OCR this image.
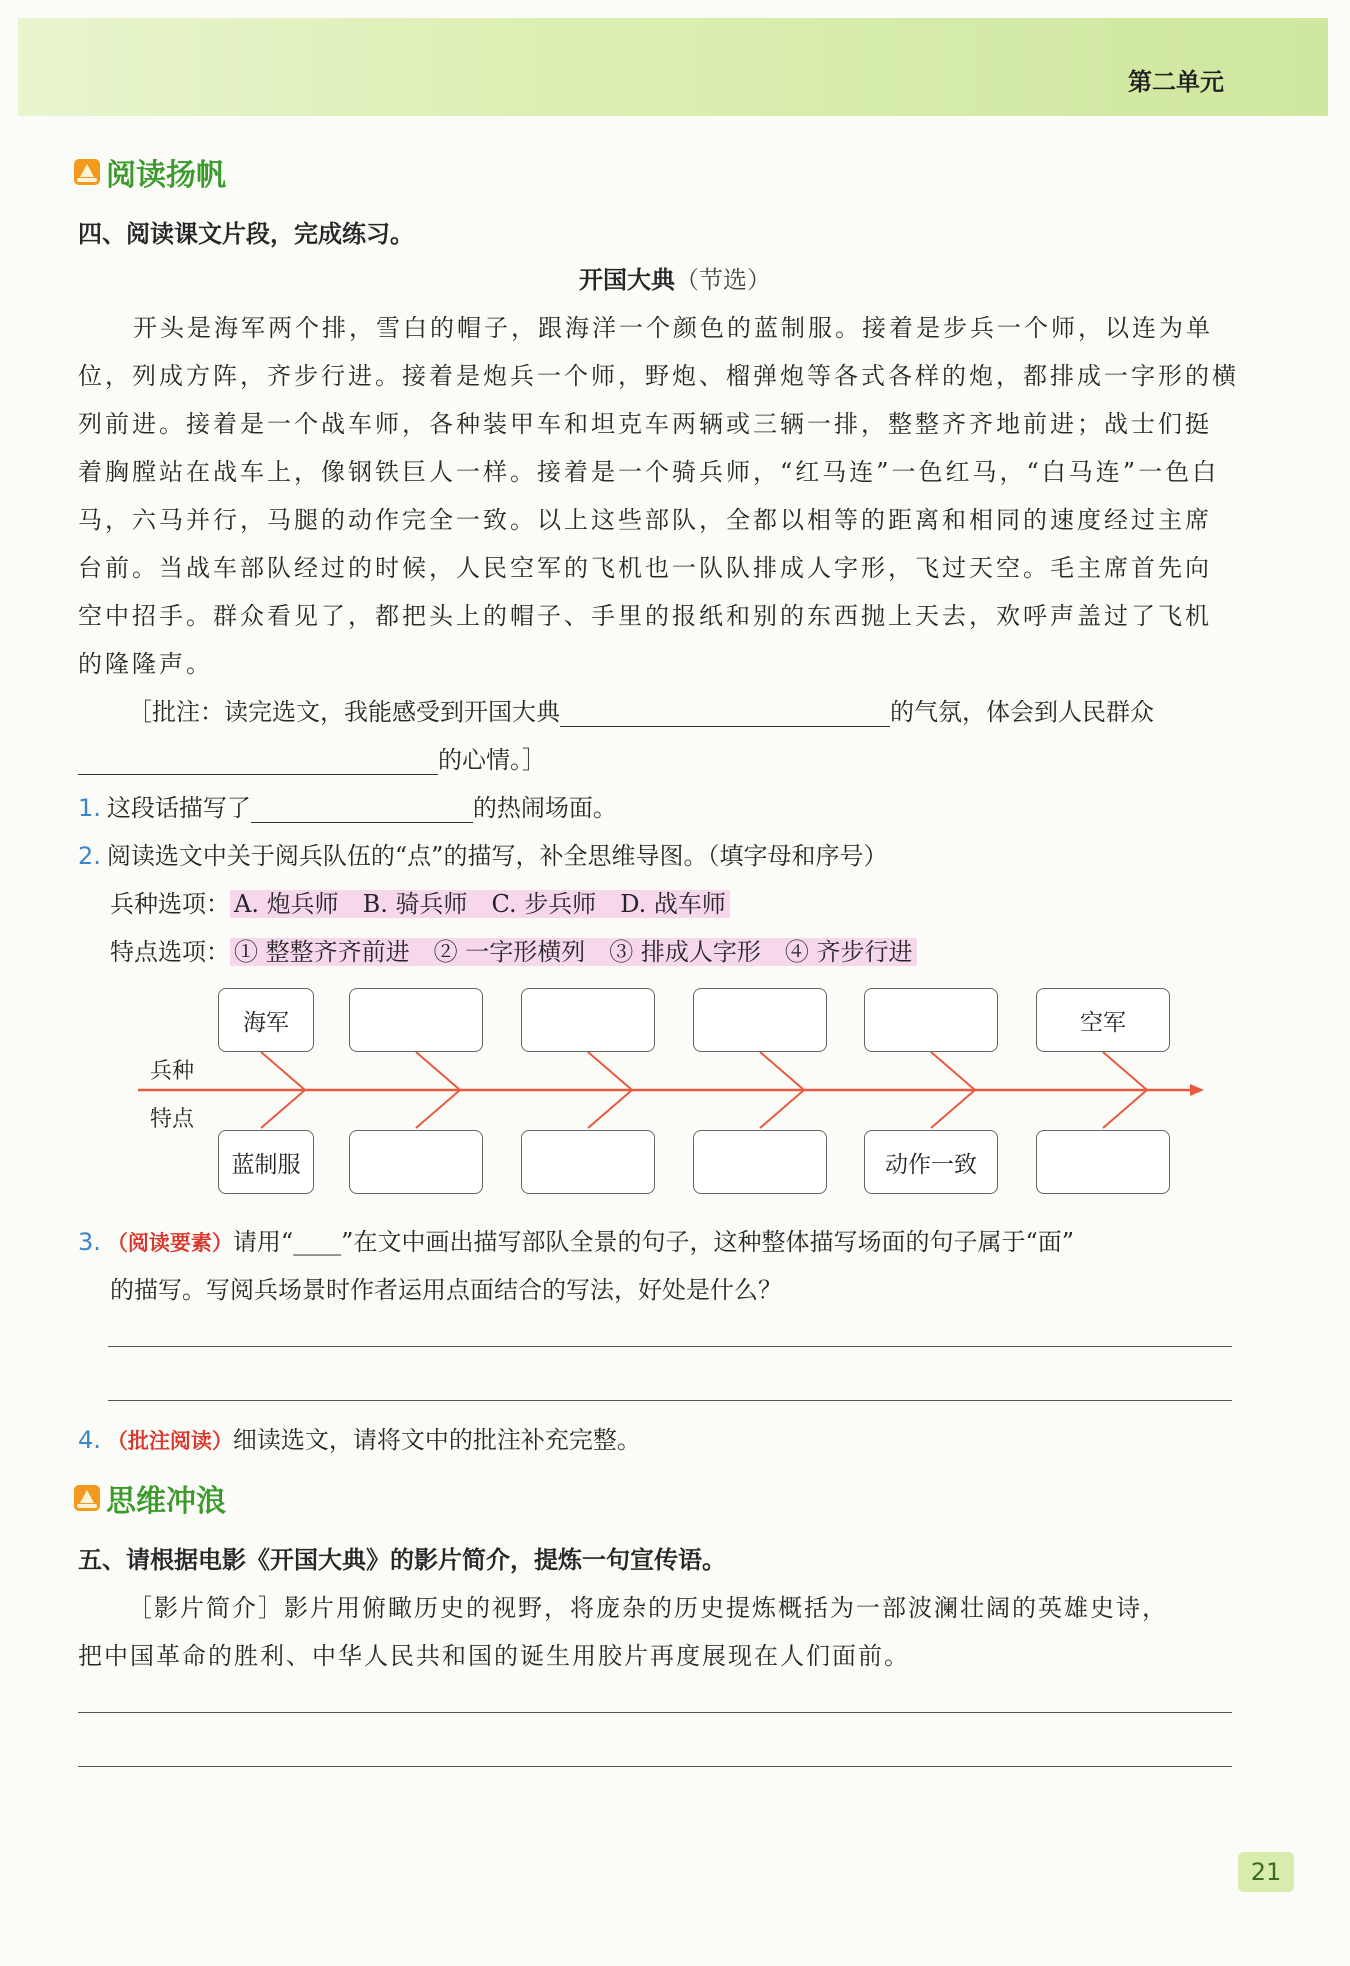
第二单元
阅读扬帆
四、阅读课文片段，完成练习。
开国大典（节选）
开头是海军两个排，雪白的帽子，跟海洋一个颜色的蓝制服。接着是步兵一个师，以连为单
位，列成方阵，齐步行进。接着是炮兵一个师，野炮、榴弹炮等各式各样的炮，都排成一字形的横
列前进。接着是一个战车师，各种装甲车和坦克车两辆或三辆一排，整整齐齐地前进；战士们挺
着胸膛站在战车上，像钢铁巨人一样。接着是一个骑兵师，“红马连”一色红马，“白马连”一色白
马，六马并行，马腿的动作完全一致。以上这些部队，全都以相等的距离和相同的速度经过主席
台前。当战车部队经过的时候，人民空军的飞机也一队队排成人字形，飞过天空。毛主席首先向
空中招手。群众看见了，都把头上的帽子、手里的报纸和别的东西抛上天去，欢呼声盖过了飞机
的隆隆声。
［批注：读完选文，我能感受到开国大典	的气氛，体会到人民群众
的心情。］
1. 这段话描写了	的热闹场面。
2. 阅读选文中关于阅兵队伍的“点”的描写，补全思维导图。（填字母和序号）
兵种选项： A. 炮兵师　B. 骑兵师　C. 步兵师　D. 战车师
特点选项： ① 整整齐齐前进　② 一字形横列　③ 排成人字形　④ 齐步行进
兵种
特点
海军	空军
蓝制服	动作一致
3. （阅读要素）请用“____”在文中画出描写部队全景的句子，这种整体描写场面的句子属于“面”
的描写。写阅兵场景时作者运用点面结合的写法，好处是什么？
4. （批注阅读）细读选文，请将文中的批注补充完整。
思维冲浪
五、请根据电影《开国大典》的影片简介，提炼一句宣传语。
［影片简介］影片用俯瞰历史的视野，将庞杂的历史提炼概括为一部波澜壮阔的英雄史诗，
把中国革命的胜利、中华人民共和国的诞生用胶片再度展现在人们面前。
21
